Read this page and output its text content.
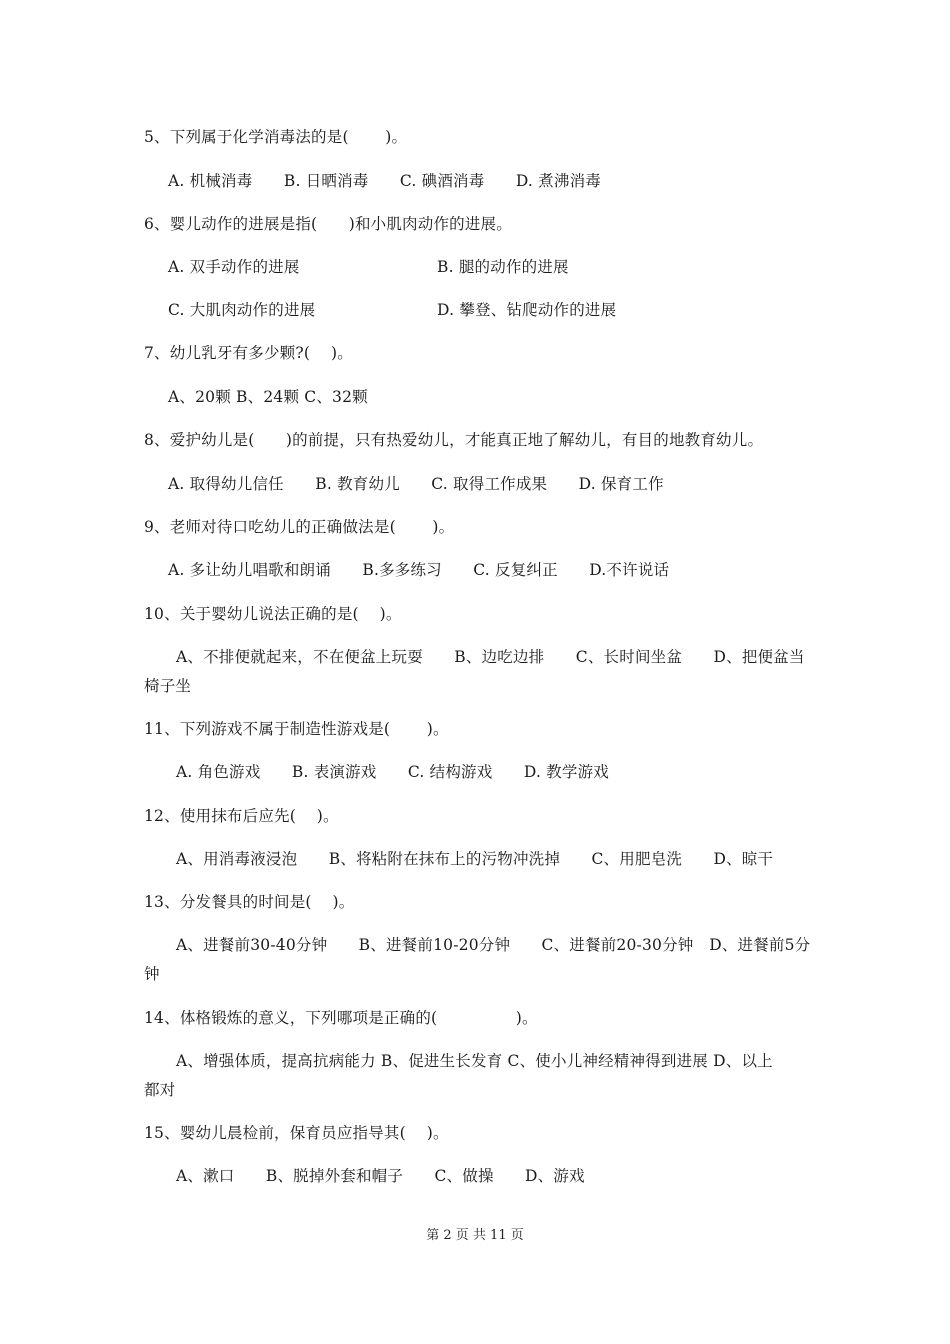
5、下列属于化学消毒法的是(　　 )。
A. 机械消毒　　B. 日晒消毒　　C. 碘酒消毒　　D. 煮沸消毒
6、婴儿动作的进展是指(　　)和小肌肉动作的进展。
A. 双手动作的进展	B. 腿的动作的进展
C. 大肌肉动作的进展	D. 攀登、钻爬动作的进展
7、幼儿乳牙有多少颗?(　 )。
A、20颗 B、24颗 C、32颗
8、爱护幼儿是(　　)的前提，只有热爱幼儿，才能真正地了解幼儿，有目的地教育幼儿。
A. 取得幼儿信任　　B. 教育幼儿　　C. 取得工作成果　　D. 保育工作
9、老师对待口吃幼儿的正确做法是(　　 )。
A. 多让幼儿唱歌和朗诵　　B.多多练习　　C. 反复纠正　　D.不许说话
10、关于婴幼儿说法正确的是(　 )。
A、不排便就起来，不在便盆上玩耍　　B、边吃边排　　C、长时间坐盆　　D、把便盆当
椅子坐
11、下列游戏不属于制造性游戏是(　　 )。
A. 角色游戏　　B. 表演游戏　　C. 结构游戏　　D. 教学游戏
12、使用抹布后应先(　 )。
A、用消毒液浸泡　　B、将粘附在抹布上的污物冲洗掉　　C、用肥皂洗　　D、晾干
13、分发餐具的时间是(　 )。
A、进餐前30-40分钟　　B、进餐前10-20分钟　　C、进餐前20-30分钟　D、进餐前5分
钟
14、体格锻炼的意义，下列哪项是正确的(　　　　　)。
A、增强体质，提高抗病能力 B、促进生长发育 C、使小儿神经精神得到进展 D、以上
都对
15、婴幼儿晨检前，保育员应指导其(　 )。
A、漱口　　B、脱掉外套和帽子　　C、做操　　D、游戏
第 2 页 共 11 页
